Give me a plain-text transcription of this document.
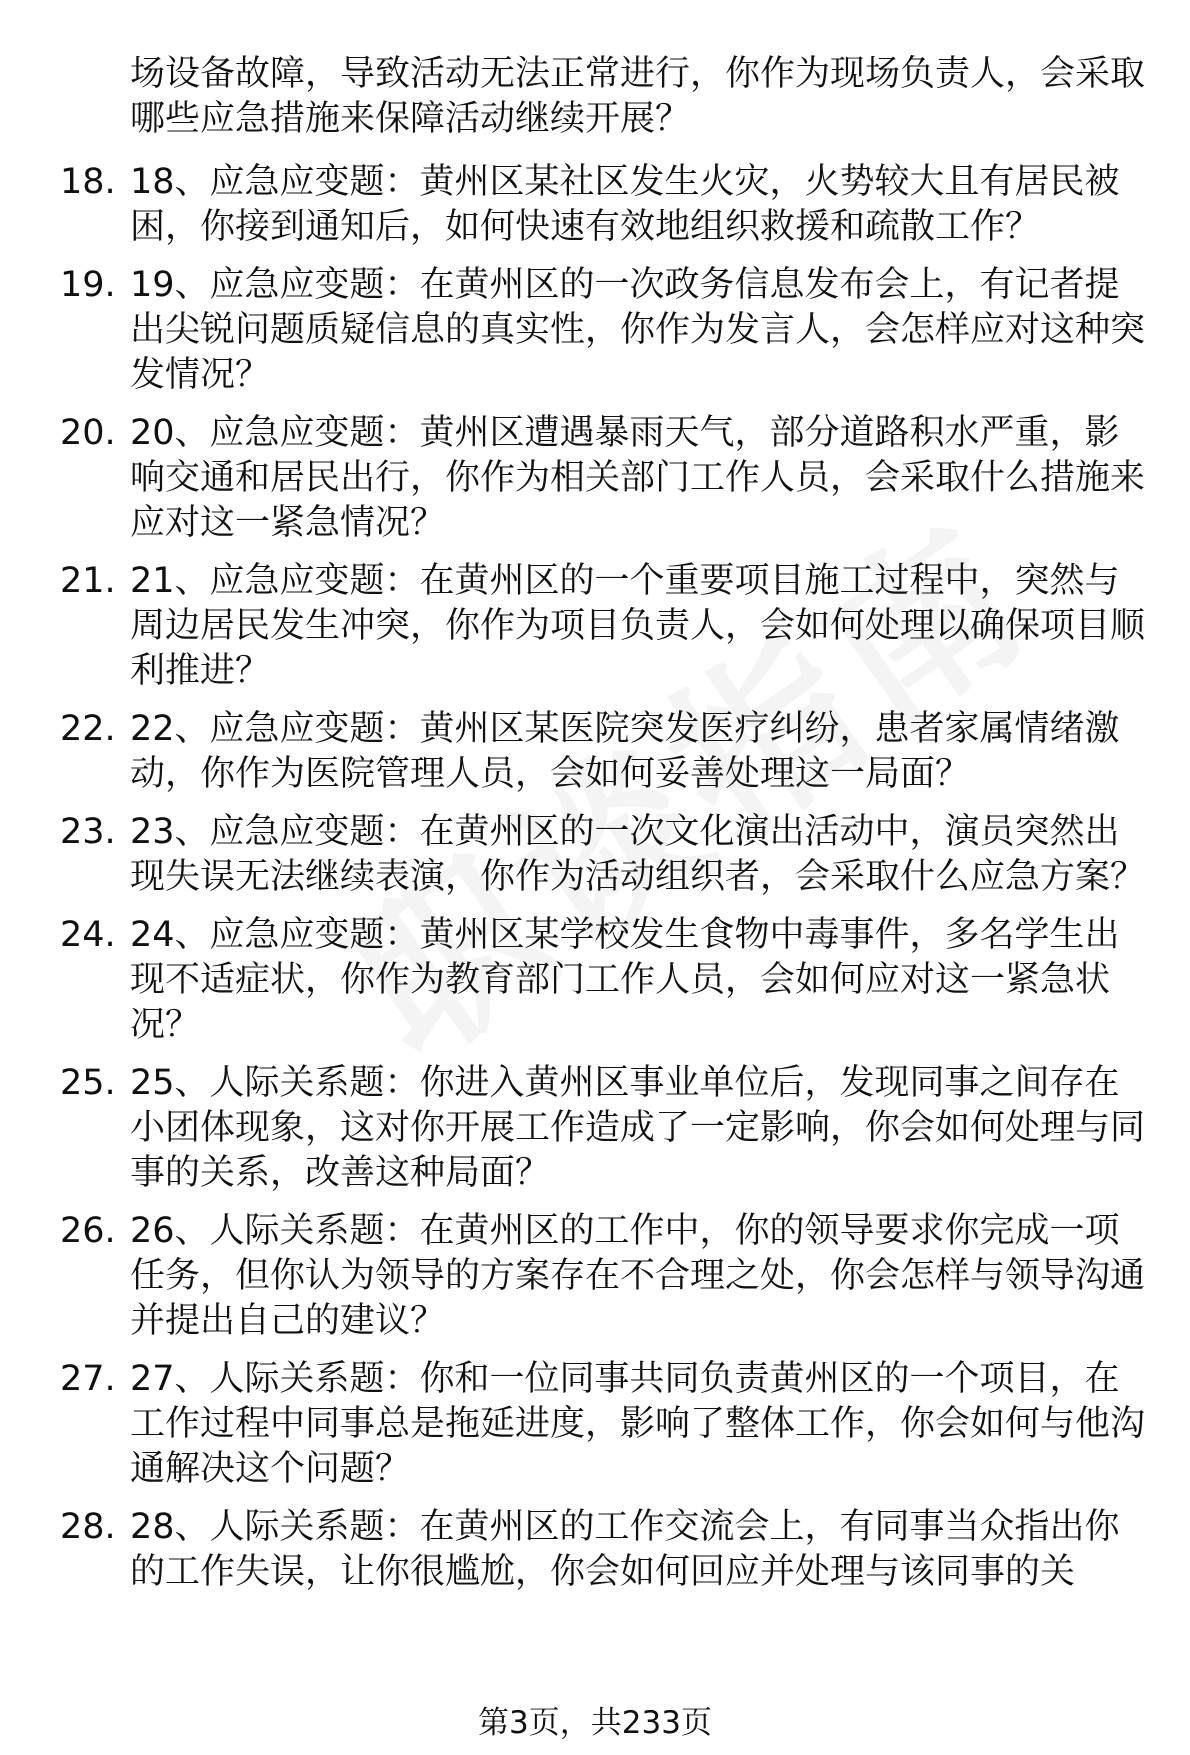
场设备故障，导致活动无法正常进行，你作为现场负责人，会采取哪些应急措施来保障活动继续开展？
18. 18、应急应变题：黄州区某社区发生火灾，火势较大且有居民被困，你接到通知后，如何快速有效地组织救援和疏散工作？
19. 19、应急应变题：在黄州区的一次政务信息发布会上，有记者提出尖锐问题质疑信息的真实性，你作为发言人，会怎样应对这种突发情况？
20. 20、应急应变题：黄州区遭遇暴雨天气，部分道路积水严重，影响交通和居民出行，你作为相关部门工作人员，会采取什么措施来应对这一紧急情况？
21. 21、应急应变题：在黄州区的一个重要项目施工过程中，突然与周边居民发生冲突，你作为项目负责人，会如何处理以确保项目顺利推进？
22. 22、应急应变题：黄州区某医院突发医疗纠纷，患者家属情绪激动，你作为医院管理人员，会如何妥善处理这一局面？
23. 23、应急应变题：在黄州区的一次文化演出活动中，演员突然出现失误无法继续表演，你作为活动组织者，会采取什么应急方案？
24. 24、应急应变题：黄州区某学校发生食物中毒事件，多名学生出现不适症状，你作为教育部门工作人员，会如何应对这一紧急状况？
25. 25、人际关系题：你进入黄州区事业单位后，发现同事之间存在小团体现象，这对你开展工作造成了一定影响，你会如何处理与同事的关系，改善这种局面？
26. 26、人际关系题：在黄州区的工作中，你的领导要求你完成一项任务，但你认为领导的方案存在不合理之处，你会怎样与领导沟通并提出自己的建议？
27. 27、人际关系题：你和一位同事共同负责黄州区的一个项目，在工作过程中同事总是拖延进度，影响了整体工作，你会如何与他沟通解决这个问题？
28. 28、人际关系题：在黄州区的工作交流会上，有同事当众指出你的工作失误，让你很尴尬，你会如何回应并处理与该同事的关
第3页，共233页
